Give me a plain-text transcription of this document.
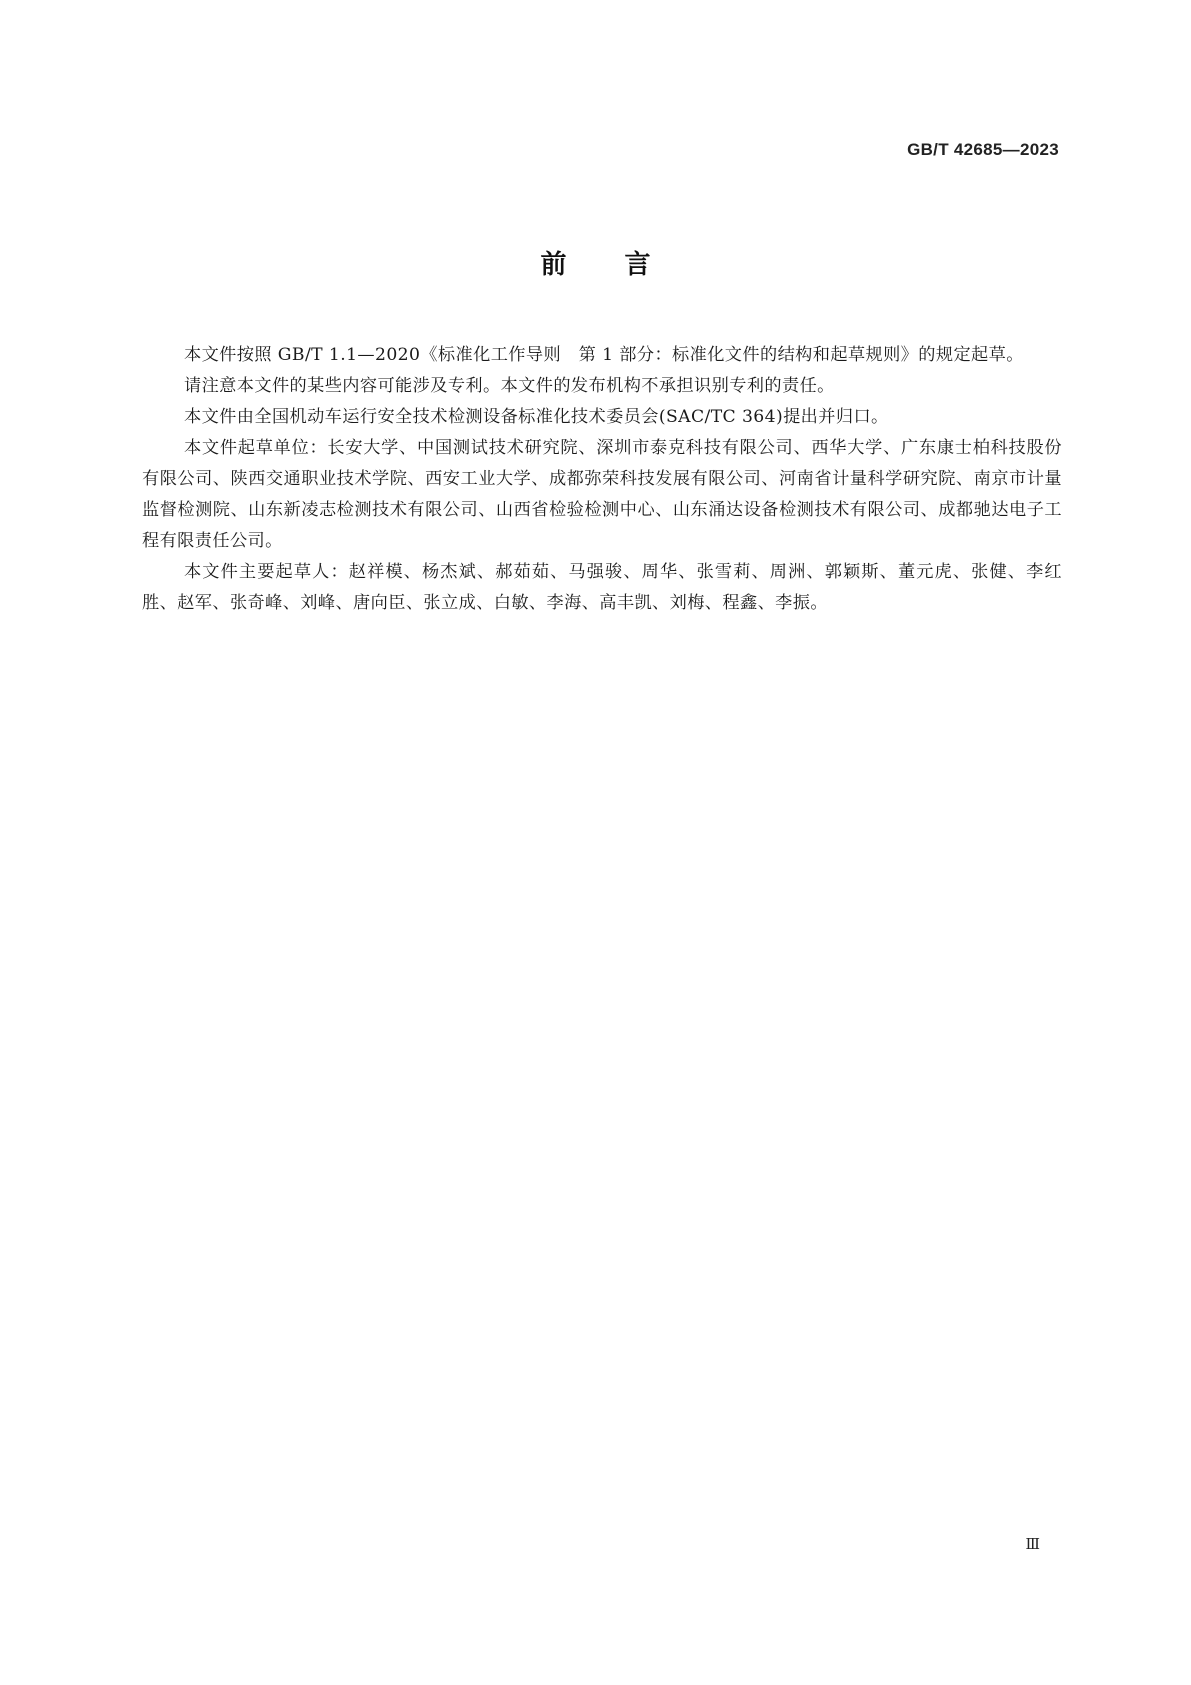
GB/T 42685—2023
前言

本文件按照 GB/T 1.1—2020《标准化工作导则　第 1 部分：标准化文件的结构和起草规则》的规定起草。

请注意本文件的某些内容可能涉及专利。本文件的发布机构不承担识别专利的责任。

本文件由全国机动车运行安全技术检测设备标准化技术委员会(SAC/TC 364)提出并归口。

本文件起草单位：长安大学、中国测试技术研究院、深圳市泰克科技有限公司、西华大学、广东康士柏科技股份有限公司、陕西交通职业技术学院、西安工业大学、成都弥荣科技发展有限公司、河南省计量科学研究院、南京市计量监督检测院、山东新凌志检测技术有限公司、山西省检验检测中心、山东涌达设备检测技术有限公司、成都驰达电子工程有限责任公司。

本文件主要起草人：赵祥模、杨杰斌、郝茹茹、马强骏、周华、张雪莉、周洲、郭颖斯、董元虎、张健、李红胜、赵军、张奇峰、刘峰、唐向臣、张立成、白敏、李海、高丰凯、刘梅、程鑫、李振。

Ⅲ
